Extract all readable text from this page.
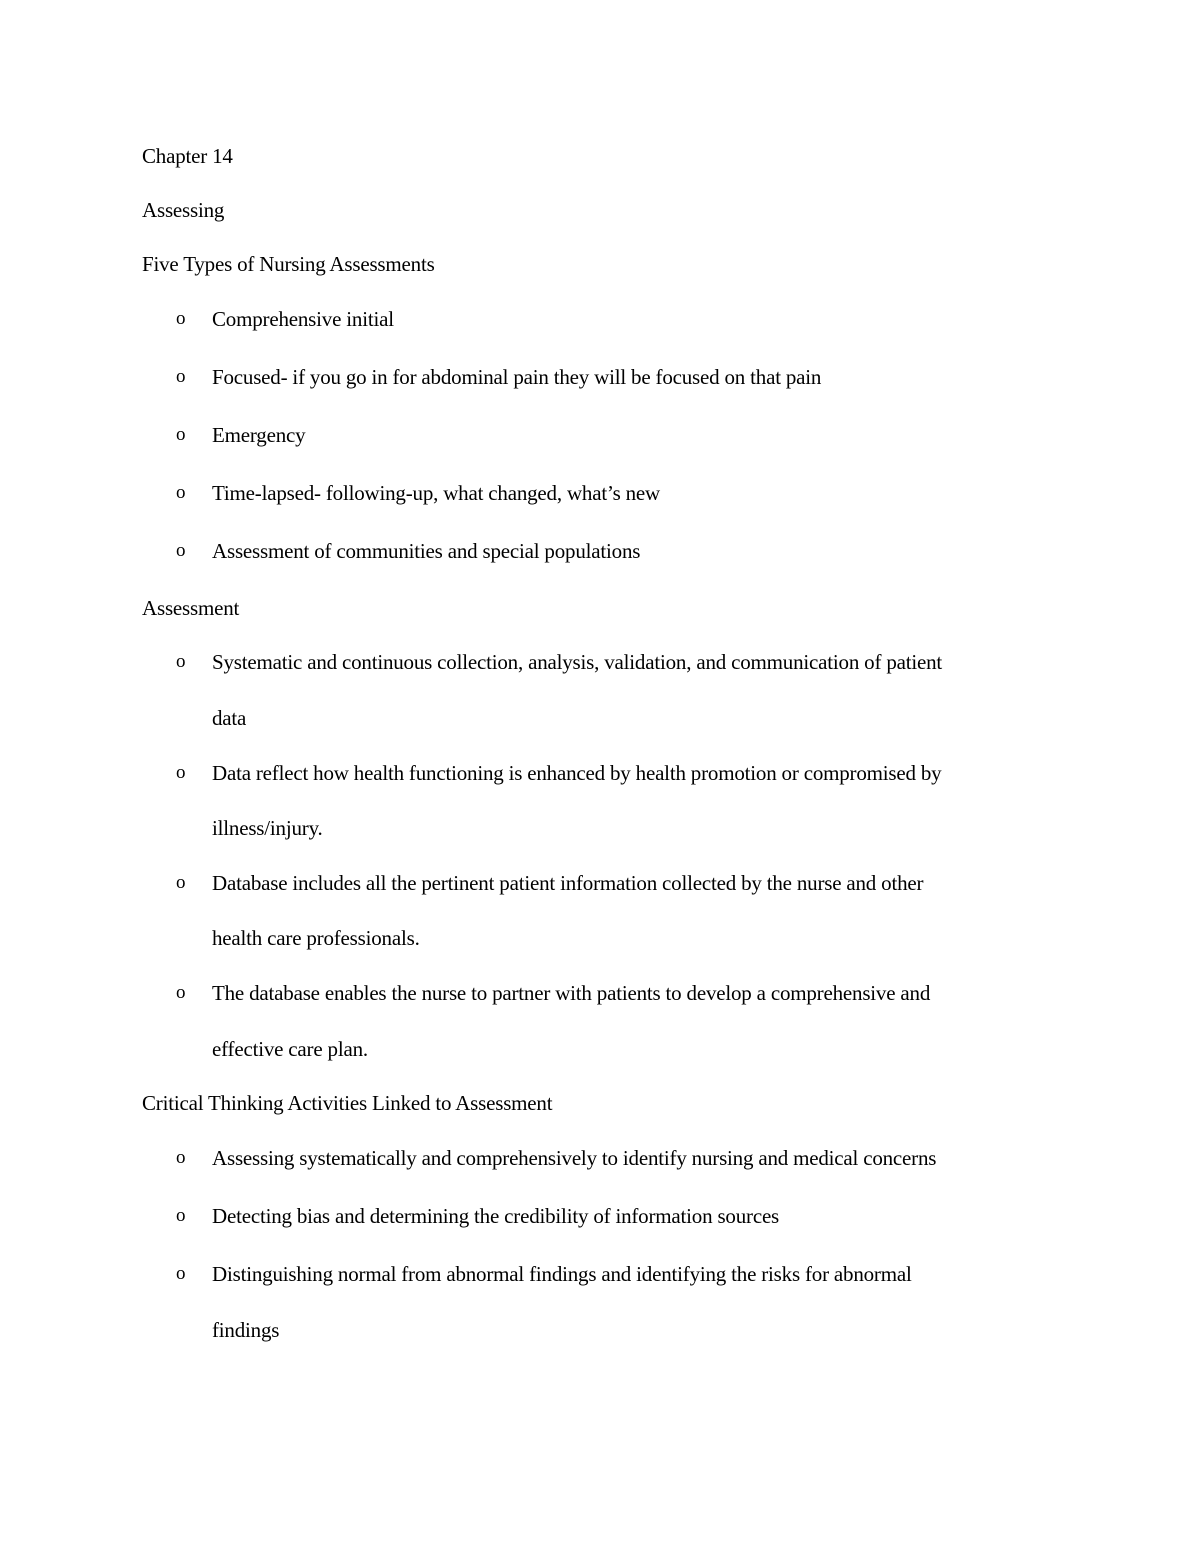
Chapter 14
Assessing
Five Types of Nursing Assessments
o Comprehensive initial
o Focused- if you go in for abdominal pain they will be focused on that pain
o Emergency
o Time-lapsed- following-up, what changed, what’s new
o Assessment of communities and special populations
Assessment
o Systematic and continuous collection, analysis, validation, and communication of patient
data
o Data reflect how health functioning is enhanced by health promotion or compromised by
illness/injury.
o Database includes all the pertinent patient information collected by the nurse and other
health care professionals.
o The database enables the nurse to partner with patients to develop a comprehensive and
effective care plan.
Critical Thinking Activities Linked to Assessment
o Assessing systematically and comprehensively to identify nursing and medical concerns
o Detecting bias and determining the credibility of information sources
o Distinguishing normal from abnormal findings and identifying the risks for abnormal
findings
